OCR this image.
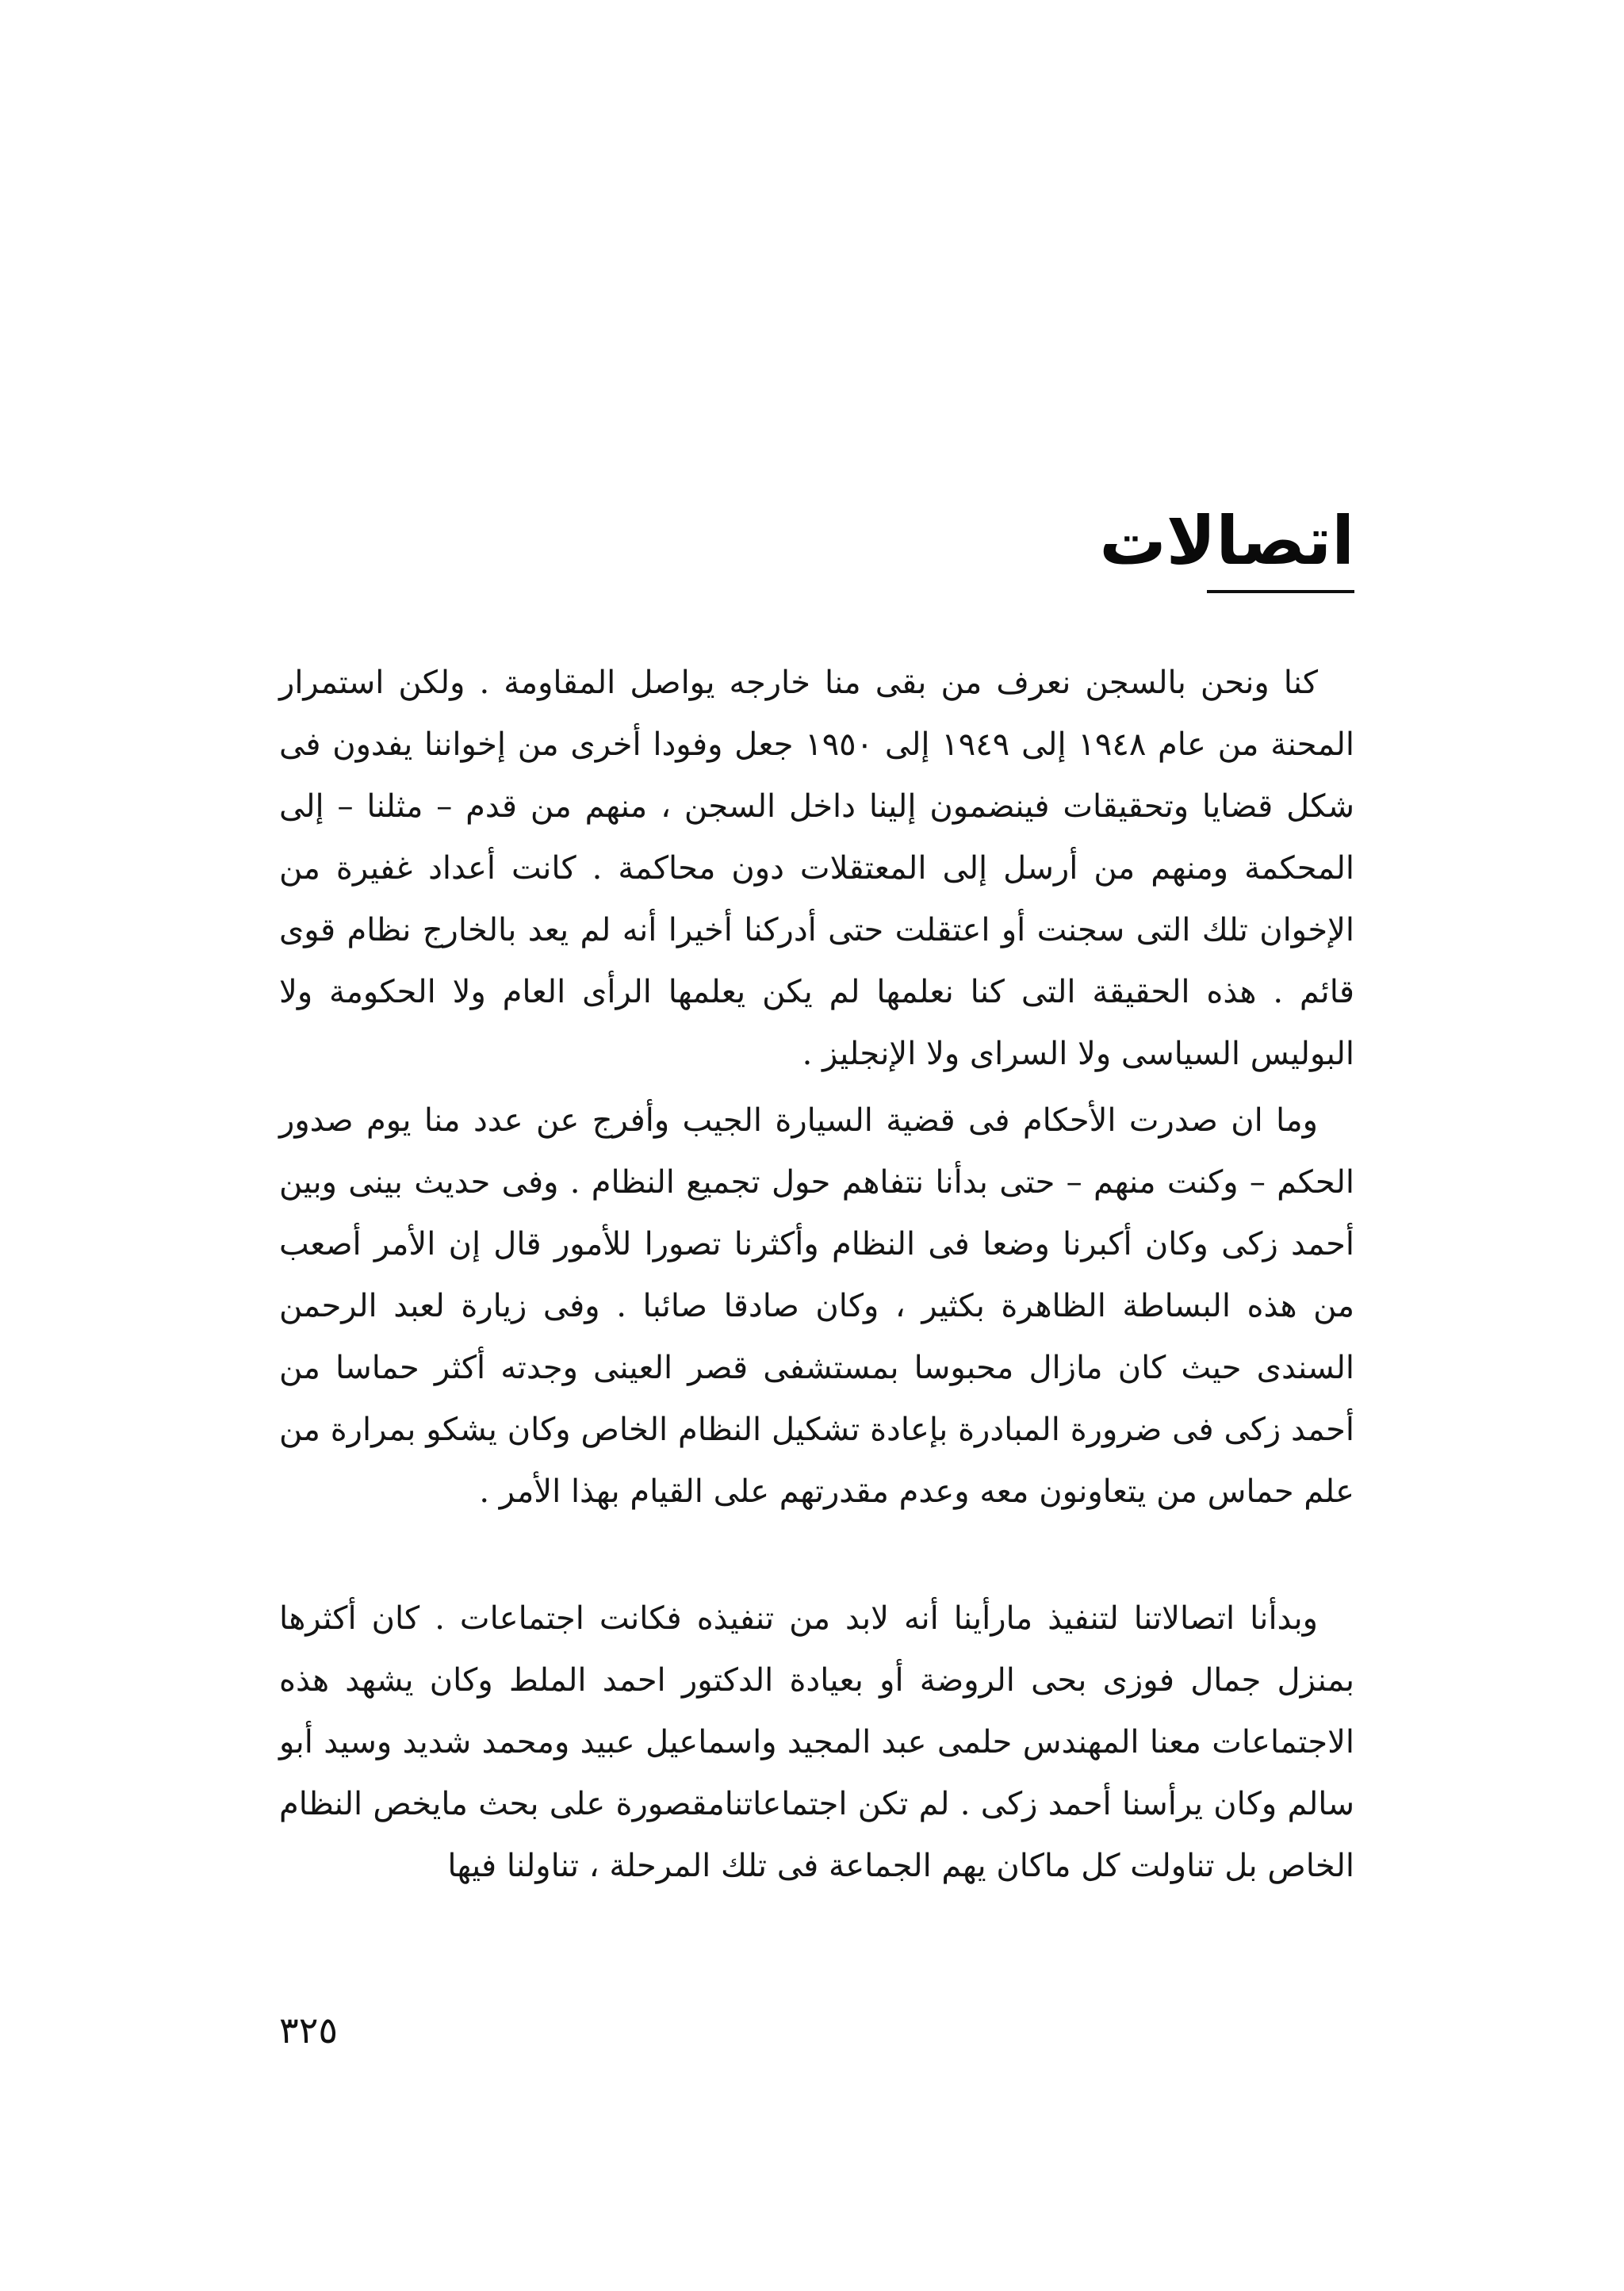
اتصالات

كنا ونحن بالسجن نعرف من بقى منا خارجه يواصل المقاومة . ولكن استمرار المحنة من عام ١٩٤٨ إلى ١٩٤٩ إلى ١٩٥٠ جعل وفودا أخرى من إخواننا يفدون فى شكل قضايا وتحقيقات فينضمون إلينا داخل السجن ، منهم من قدم – مثلنا – إلى المحكمة ومنهم من أرسل إلى المعتقلات دون محاكمة . كانت أعداد غفيرة من الإخوان تلك التى سجنت أو اعتقلت حتى أدركنا أخيرا أنه لم يعد بالخارج نظام قوى قائم . هذه الحقيقة التى كنا نعلمها لم يكن يعلمها الرأى العام ولا الحكومة ولا البوليس السياسى ولا السراى ولا الإنجليز .

وما ان صدرت الأحكام فى قضية السيارة الجيب وأفرج عن عدد منا يوم صدور الحكم – وكنت منهم – حتى بدأنا نتفاهم حول تجميع النظام . وفى حديث بينى وبين أحمد زكى وكان أكبرنا وضعا فى النظام وأكثرنا تصورا للأمور قال إن الأمر أصعب من هذه البساطة الظاهرة بكثير ، وكان صادقا صائبا . وفى زيارة لعبد الرحمن السندى حيث كان مازال محبوسا بمستشفى قصر العينى وجدته أكثر حماسا من أحمد زكى فى ضرورة المبادرة بإعادة تشكيل النظام الخاص وكان يشكو بمرارة من علم حماس من يتعاونون معه وعدم مقدرتهم على القيام بهذا الأمر .

وبدأنا اتصالاتنا لتنفيذ مارأينا أنه لابد من تنفيذه فكانت اجتماعات . كان أكثرها بمنزل جمال فوزى بحى الروضة أو بعيادة الدكتور احمد الملط وكان يشهد هذه الاجتماعات معنا المهندس حلمى عبد المجيد واسماعيل عبيد ومحمد شديد وسيد أبو سالم وكان يرأسنا أحمد زكى . لم تكن اجتماعاتنامقصورة على بحث مايخص النظام الخاص بل تناولت كل ماكان يهم الجماعة فى تلك المرحلة ، تناولنا فيها

٣٢٥
